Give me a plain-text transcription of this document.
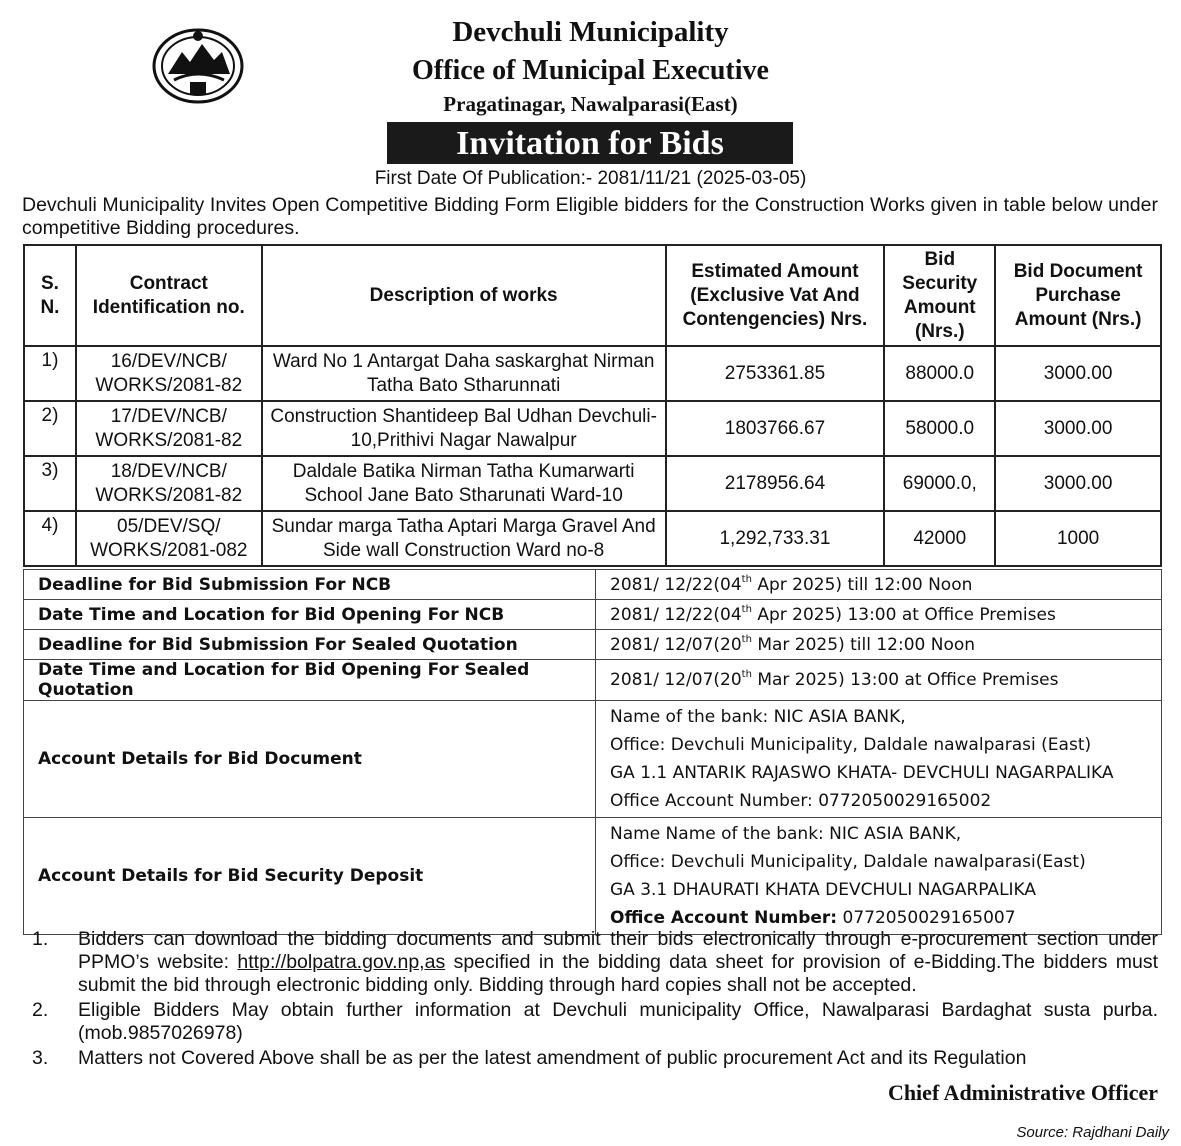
Devchuli Municipality
Office of Municipal Executive
Pragatinagar, Nawalparasi(East)
Invitation for Bids
First Date Of Publication:- 2081/11/21 (2025-03-05)
Devchuli Municipality Invites Open Competitive Bidding Form Eligible bidders for the Construction Works given in table below under competitive Bidding procedures.
S. N.	Contract Identification no.	Description of works	Estimated Amount (Exclusive Vat And Contengencies) Nrs.	Bid Security Amount (Nrs.)	Bid Document Purchase Amount (Nrs.)
1)	16/DEV/NCB/ WORKS/2081-82	Ward No 1 Antargat Daha saskarghat Nirman Tatha Bato Stharunnati	2753361.85	88000.0	3000.00
2)	17/DEV/NCB/ WORKS/2081-82	Construction Shantideep Bal Udhan Devchuli-10,Prithivi Nagar Nawalpur	1803766.67	58000.0	3000.00
3)	18/DEV/NCB/ WORKS/2081-82	Daldale Batika Nirman Tatha Kumarwarti School Jane Bato Stharunati Ward-10	2178956.64	69000.0,	3000.00
4)	05/DEV/SQ/ WORKS/2081-082	Sundar marga Tatha Aptari Marga Gravel And Side wall Construction Ward no-8	1,292,733.31	42000	1000
Deadline for Bid Submission For NCB	2081/ 12/22(04th Apr 2025) till 12:00 Noon
Date Time and Location for Bid Opening For NCB	2081/ 12/22(04th Apr 2025) 13:00 at Office Premises
Deadline for Bid Submission For Sealed Quotation	2081/ 12/07(20th Mar 2025) till 12:00 Noon
Date Time and Location for Bid Opening For Sealed Quotation	2081/ 12/07(20th Mar 2025) 13:00 at Office Premises
Account Details for Bid Document	Name of the bank: NIC ASIA BANK,
Office: Devchuli Municipality, Daldale nawalparasi (East)
GA 1.1 ANTARIK RAJASWO KHATA- DEVCHULI NAGARPALIKA
Office Account Number: 0772050029165002

Account Details for Bid Security Deposit	Name Name of the bank: NIC ASIA BANK,
Office: Devchuli Municipality, Daldale nawalparasi(East)
GA 3.1 DHAURATI KHATA DEVCHULI NAGARPALIKA
Office Account Number: 0772050029165007
1. Bidders can download the bidding documents and submit their bids electronically through e-procurement section under PPMO’s website: http://bolpatra.gov.np,as specified in the bidding data sheet for provision of e-Bidding.The bidders must submit the bid through electronic bidding only. Bidding through hard copies shall not be accepted.
2. Eligible Bidders May obtain further information at Devchuli municipality Office, Nawalparasi Bardaghat susta purba.(mob.9857026978)
3. Matters not Covered Above shall be as per the latest amendment of public procurement Act and its Regulation
Chief Administrative Officer
Source: Rajdhani Daily
